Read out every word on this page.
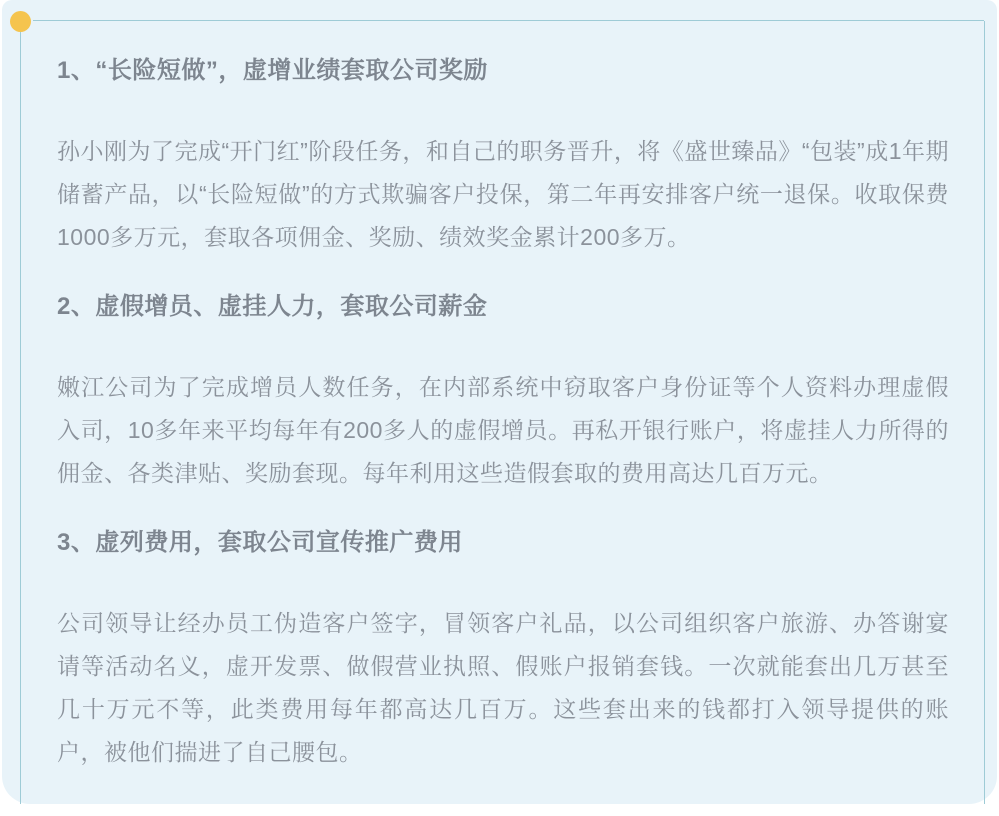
1、“长险短做”，虚增业绩套取公司奖励

孙小刚为了完成“开门红”阶段任务，和自己的职务晋升，将《盛世臻品》“包装”成1年期储蓄产品，以“长险短做”的方式欺骗客户投保，第二年再安排客户统一退保。收取保费1000多万元，套取各项佣金、奖励、绩效奖金累计200多万。

2、虚假增员、虚挂人力，套取公司薪金

嫩江公司为了完成增员人数任务，在内部系统中窃取客户身份证等个人资料办理虚假入司，10多年来平均每年有200多人的虚假增员。再私开银行账户，将虚挂人力所得的佣金、各类津贴、奖励套现。每年利用这些造假套取的费用高达几百万元。

3、虚列费用，套取公司宣传推广费用

公司领导让经办员工伪造客户签字，冒领客户礼品，以公司组织客户旅游、办答谢宴请等活动名义，虚开发票、做假营业执照、假账户报销套钱。一次就能套出几万甚至几十万元不等，此类费用每年都高达几百万。这些套出来的钱都打入领导提供的账户，被他们揣进了自己腰包。
